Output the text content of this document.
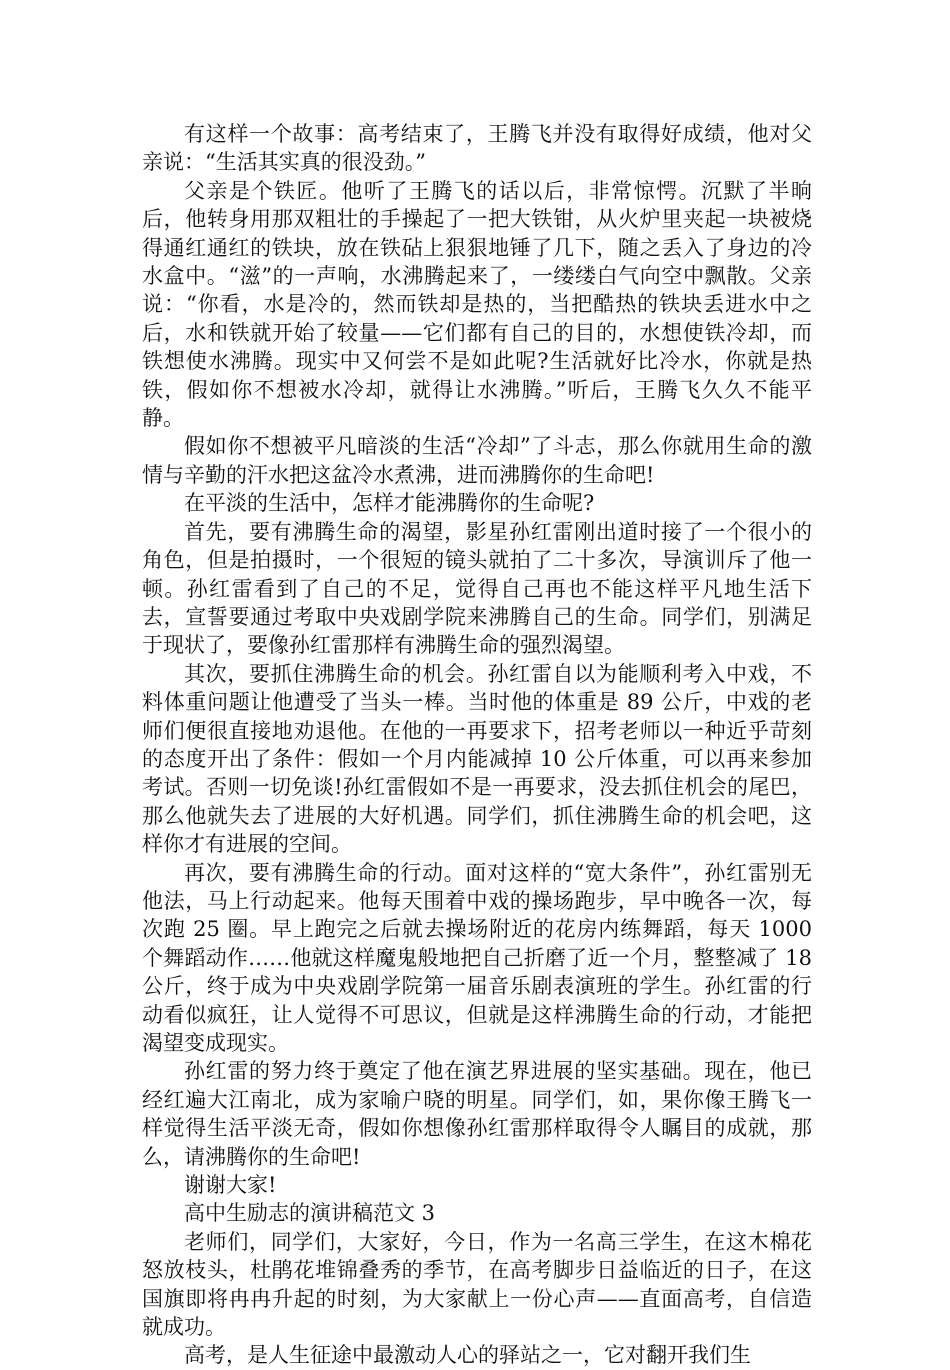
有这样一个故事：高考结束了，王腾飞并没有取得好成绩，他对父亲说：“生活其实真的很没劲。”

父亲是个铁匠。他听了王腾飞的话以后，非常惊愕。沉默了半晌后，他转身用那双粗壮的手操起了一把大铁钳，从火炉里夹起一块被烧得通红通红的铁块，放在铁砧上狠狠地锤了几下，随之丢入了身边的冷水盒中。“滋”的一声响，水沸腾起来了，一缕缕白气向空中飘散。父亲说：“你看，水是冷的，然而铁却是热的，当把酷热的铁块丢进水中之后，水和铁就开始了较量——它们都有自己的目的，水想使铁冷却，而铁想使水沸腾。现实中又何尝不是如此呢?生活就好比冷水，你就是热铁，假如你不想被水冷却，就得让水沸腾。”听后，王腾飞久久不能平静。

假如你不想被平凡暗淡的生活“冷却”了斗志，那么你就用生命的激情与辛勤的汗水把这盆冷水煮沸，进而沸腾你的生命吧!

在平淡的生活中，怎样才能沸腾你的生命呢?

首先，要有沸腾生命的渴望，影星孙红雷刚出道时接了一个很小的角色，但是拍摄时，一个很短的镜头就拍了二十多次，导演训斥了他一顿。孙红雷看到了自己的不足，觉得自己再也不能这样平凡地生活下去，宣誓要通过考取中央戏剧学院来沸腾自己的生命。同学们，别满足于现状了，要像孙红雷那样有沸腾生命的强烈渴望。

其次，要抓住沸腾生命的机会。孙红雷自以为能顺利考入中戏，不料体重问题让他遭受了当头一棒。当时他的体重是 89 公斤，中戏的老师们便很直接地劝退他。在他的一再要求下，招考老师以一种近乎苛刻的态度开出了条件：假如一个月内能减掉 10 公斤体重，可以再来参加考试。否则一切免谈!孙红雷假如不是一再要求，没去抓住机会的尾巴，那么他就失去了进展的大好机遇。同学们，抓住沸腾生命的机会吧，这样你才有进展的空间。

再次，要有沸腾生命的行动。面对这样的“宽大条件”，孙红雷别无他法，马上行动起来。他每天围着中戏的操场跑步，早中晚各一次，每次跑 25 圈。早上跑完之后就去操场附近的花房内练舞蹈，每天 1000 个舞蹈动作……他就这样魔鬼般地把自己折磨了近一个月，整整减了 18 公斤，终于成为中央戏剧学院第一届音乐剧表演班的学生。孙红雷的行动看似疯狂，让人觉得不可思议，但就是这样沸腾生命的行动，才能把渴望变成现实。

孙红雷的努力终于奠定了他在演艺界进展的坚实基础。现在，他已经红遍大江南北，成为家喻户晓的明星。同学们，如，果你像王腾飞一样觉得生活平淡无奇，假如你想像孙红雷那样取得令人瞩目的成就，那么，请沸腾你的生命吧!

谢谢大家!

高中生励志的演讲稿范文 3

老师们，同学们，大家好，今日，作为一名高三学生，在这木棉花怒放枝头，杜鹃花堆锦叠秀的季节，在高考脚步日益临近的日子，在这国旗即将冉冉升起的时刻，为大家献上一份心声——直面高考，自信造就成功。

高考，是人生征途中最激动人心的驿站之一，它对翻开我们生
